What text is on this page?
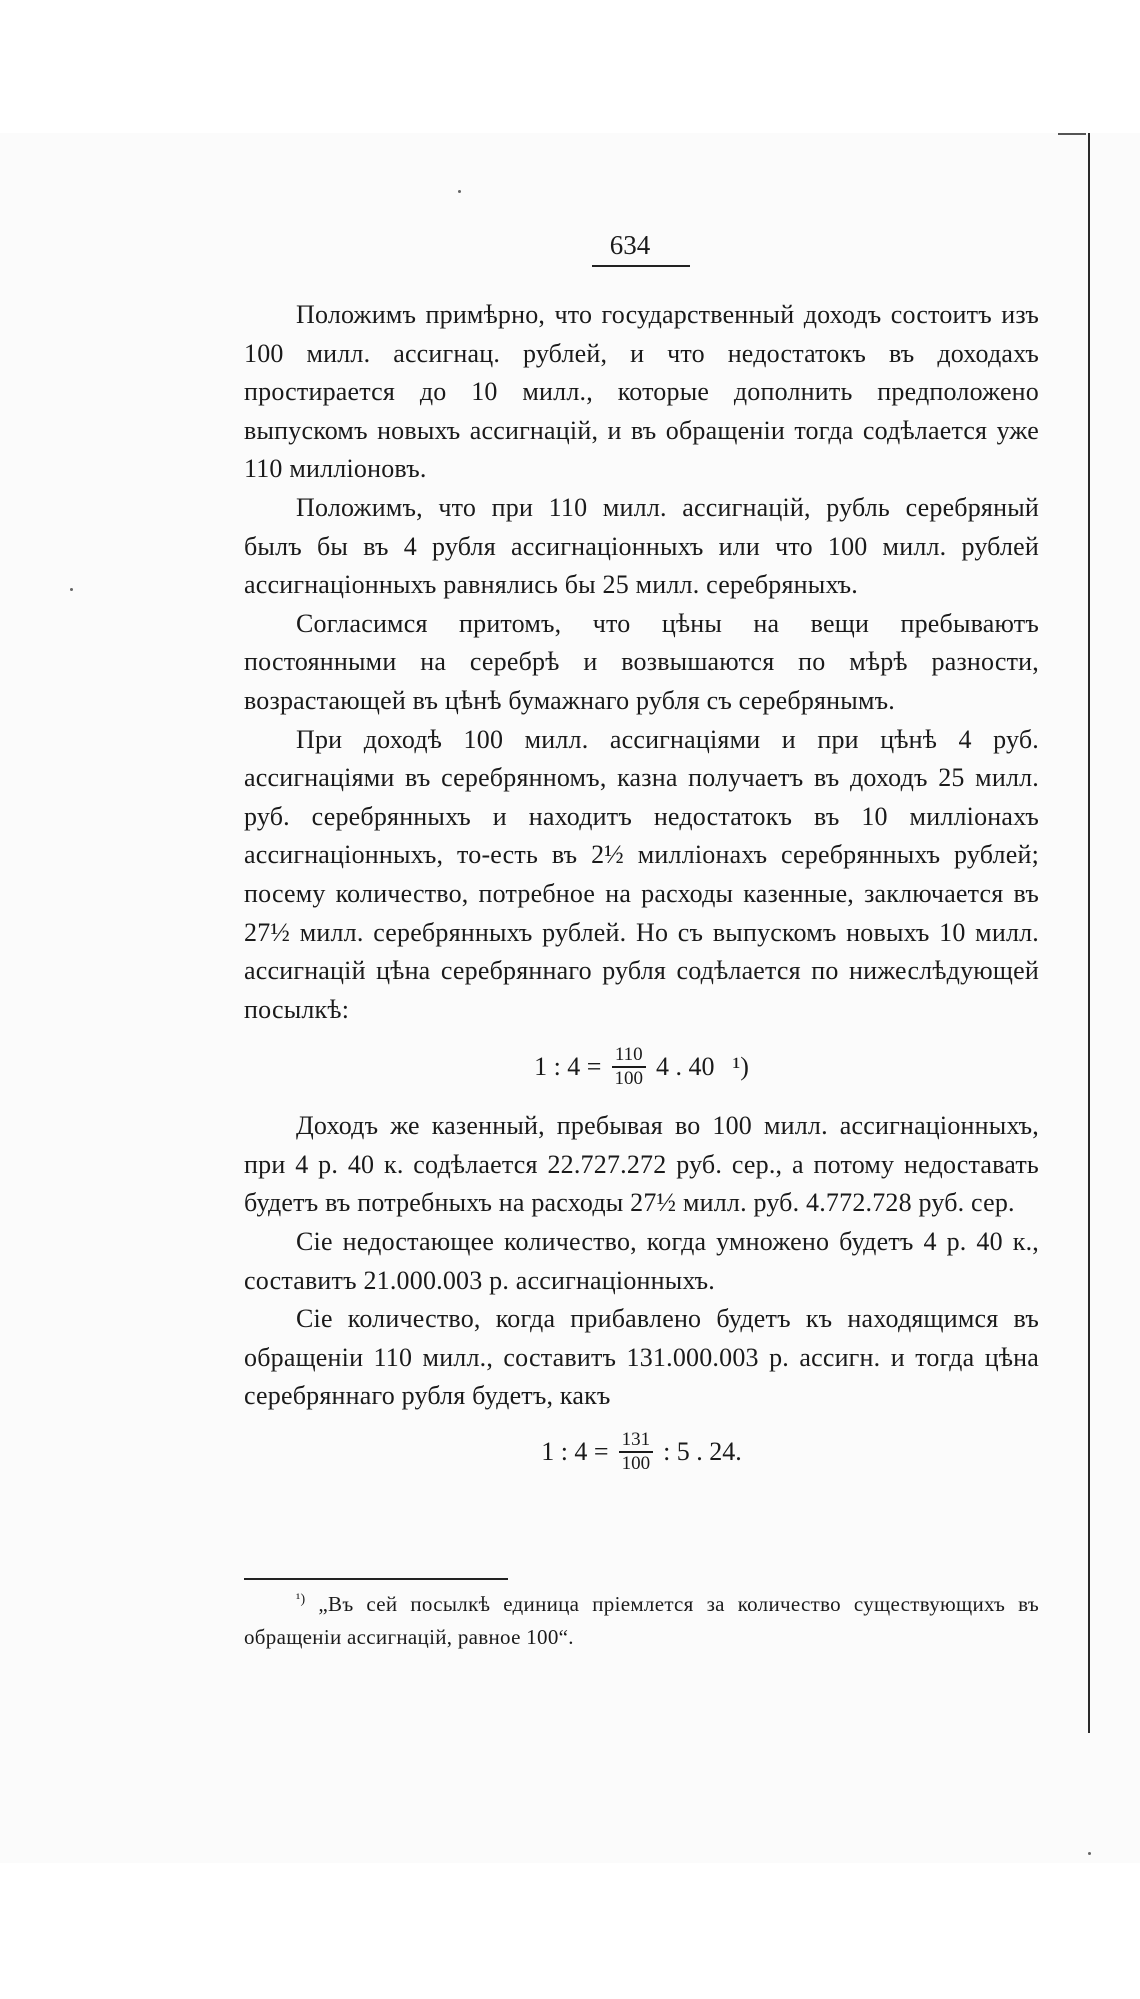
634

Положимъ примѣрно, что государственный доходъ состоитъ изъ 100 милл. ассигнац. рублей, и что недостатокъ въ доходахъ простирается до 10 милл., которые дополнить предположено выпускомъ новыхъ ассигнацій, и въ обращеніи тогда содѣлается уже 110 милліоновъ.

Положимъ, что при 110 милл. ассигнацій, рубль серебряный былъ бы въ 4 рубля ассигнаціонныхъ или что 100 милл. рублей ассигнаціонныхъ равнялись бы 25 милл. серебряныхъ.

Согласимся притомъ, что цѣны на вещи пребываютъ постоянными на серебрѣ и возвышаются по мѣрѣ разности, возрастающей въ цѣнѣ бумажнаго рубля съ серебрянымъ.

При доходѣ 100 милл. ассигнаціями и при цѣнѣ 4 руб. ассигнаціями въ серебрянномъ, казна получаетъ въ доходъ 25 милл. руб. серебрянныхъ и находитъ недостатокъ въ 10 милліонахъ ассигнаціонныхъ, то-есть въ 2½ милліонахъ серебрянныхъ рублей; посему количество, потребное на расходы казенные, заключается въ 27½ милл. серебрянныхъ рублей. Но съ выпускомъ новыхъ 10 милл. ассигнацій цѣна серебряннаго рубля содѣлается по нижеслѣдующей посылкѣ:

1 : $4 = \frac{110}{100} 4$ . 40 ¹)

Доходъ же казенный, пребывая во 100 милл. ассигнаціонныхъ, при 4 р. 40 к. содѣлается 22.727.272 руб. сер., а потому недоставать будетъ въ потребныхъ на расходы 27½ милл. руб. 4.772.728 руб. сер.

Сіе недостающее количество, когда умножено будетъ 4 р. 40 к., составитъ 21.000.003 р. ассигнаціонныхъ.

Сіе количество, когда прибавлено будетъ къ находящимся въ обращеніи 110 милл., составитъ 131.000.003 р. ассигн. и тогда цѣна серебряннаго рубля будетъ, какъ

1 : $4 = \frac{131}{100}$ : 5 . 24.
$^{^1)}$ „Въ сей посылкѣ единица пріемлется за количество существующихъ въ обращеніи ассигнацій, равное 100“.
